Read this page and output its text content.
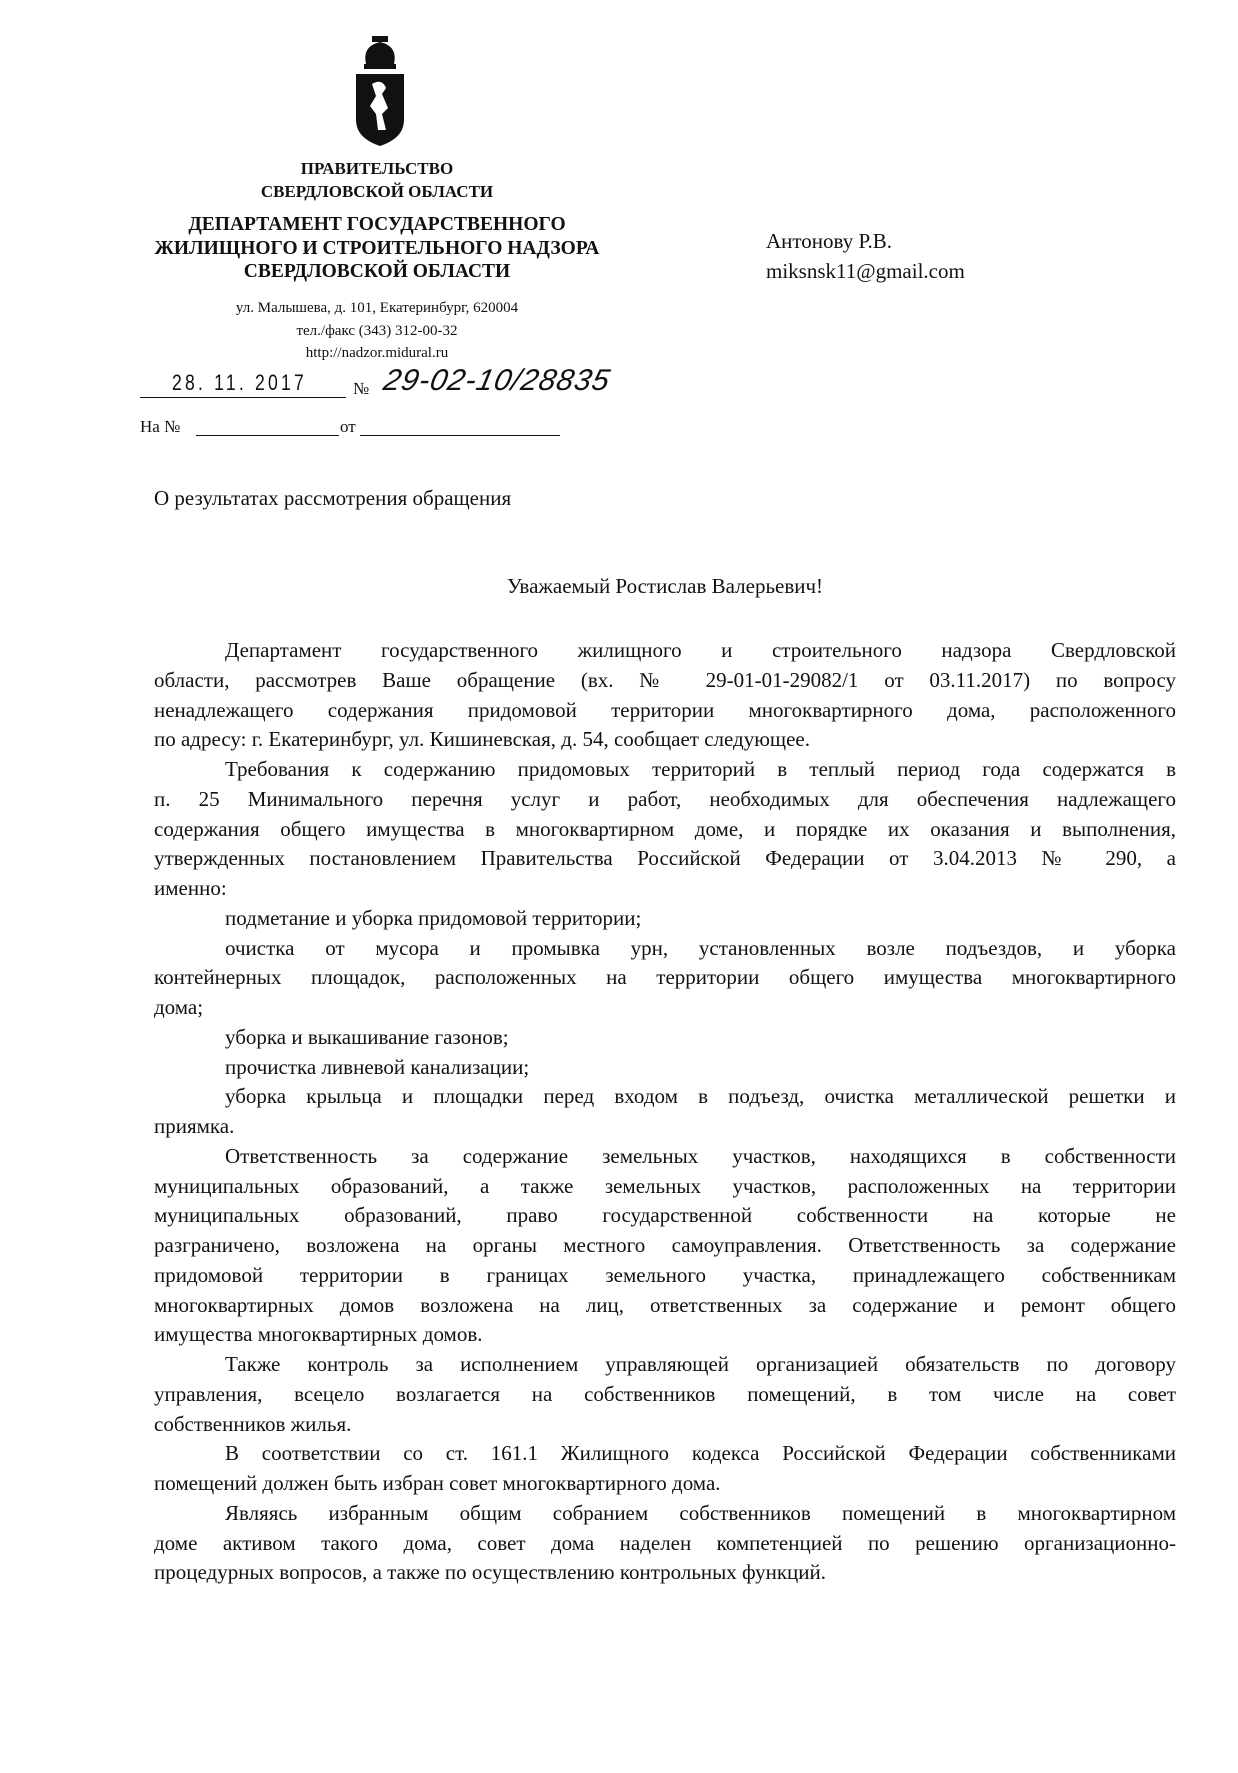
ПРАВИТЕЛЬСТВО
СВЕРДЛОВСКОЙ ОБЛАСТИ
ДЕПАРТАМЕНТ ГОСУДАРСТВЕННОГО
ЖИЛИЩНОГО И СТРОИТЕЛЬНОГО НАДЗОРА
СВЕРДЛОВСКОЙ ОБЛАСТИ
ул. Малышева, д. 101, Екатеринбург, 620004
тел./факс (343) 312-00-32
http://nadzor.midural.ru
28. 11. 2017	№ 29-02-10/28835
На №	от
Антонову Р.В.
miksnsk11@gmail.com
О результатах рассмотрения обращения
Уважаемый Ростислав Валерьевич!
Департамент государственного жилищного и строительного надзора Свердловской
области, рассмотрев Ваше обращение (вх. № 29-01-01-29082/1 от 03.11.2017) по вопросу
ненадлежащего содержания придомовой территории многоквартирного дома, расположенного
по адресу: г. Екатеринбург, ул. Кишиневская, д. 54, сообщает следующее.
Требования к содержанию придомовых территорий в теплый период года содержатся в
п. 25 Минимального перечня услуг и работ, необходимых для обеспечения надлежащего
содержания общего имущества в многоквартирном доме, и порядке их оказания и выполнения,
утвержденных постановлением Правительства Российской Федерации от 3.04.2013 № 290, а
именно:
подметание и уборка придомовой территории;
очистка от мусора и промывка урн, установленных возле подъездов, и уборка
контейнерных площадок, расположенных на территории общего имущества многоквартирного
дома;
уборка и выкашивание газонов;
прочистка ливневой канализации;
уборка крыльца и площадки перед входом в подъезд, очистка металлической решетки и
приямка.
Ответственность за содержание земельных участков, находящихся в собственности
муниципальных образований, а также земельных участков, расположенных на территории
муниципальных образований, право государственной собственности на которые не
разграничено, возложена на органы местного самоуправления. Ответственность за содержание
придомовой территории в границах земельного участка, принадлежащего собственникам
многоквартирных домов возложена на лиц, ответственных за содержание и ремонт общего
имущества многоквартирных домов.
Также контроль за исполнением управляющей организацией обязательств по договору
управления, всецело возлагается на собственников помещений, в том числе на совет
собственников жилья.
В соответствии со ст. 161.1 Жилищного кодекса Российской Федерации собственниками
помещений должен быть избран совет многоквартирного дома.
Являясь избранным общим собранием собственников помещений в многоквартирном
доме активом такого дома, совет дома наделен компетенцией по решению организационно-
процедурных вопросов, а также по осуществлению контрольных функций.
